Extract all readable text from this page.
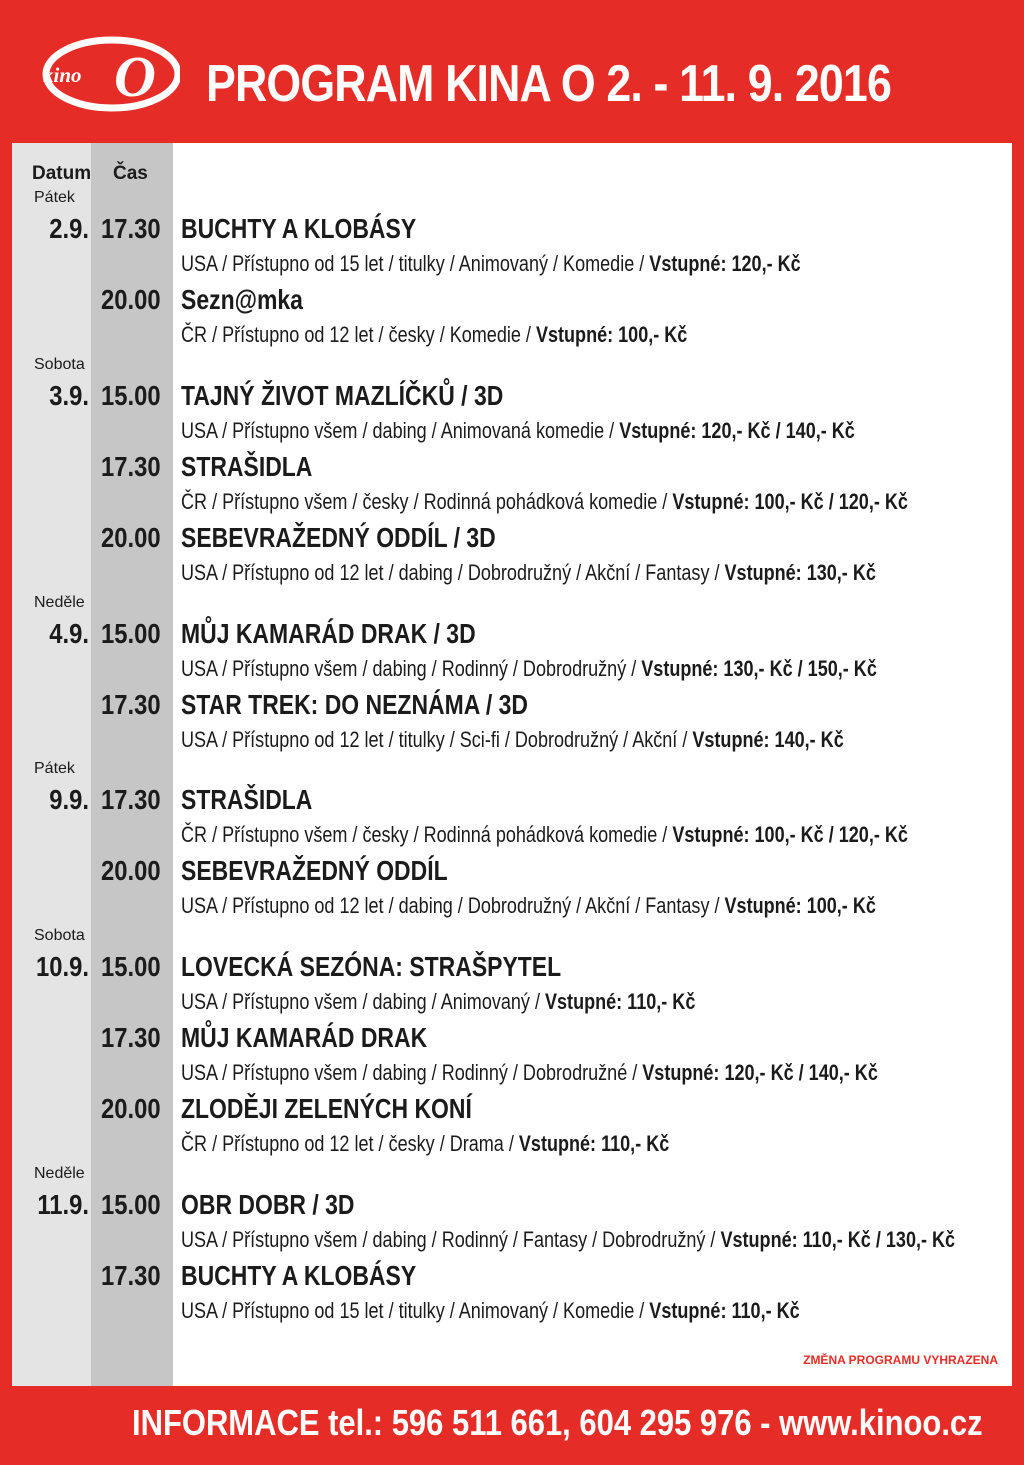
kino O PROGRAM KINA O 2. - 11. 9. 2016
Datum Čas
Pátek
2.9. 17.30 BUCHTY A KLOBÁSY
USA / Přístupno od 15 let / titulky / Animovaný / Komedie / Vstupné: 120,- Kč
20.00 Sezn@mka
ČR / Přístupno od 12 let / česky / Komedie / Vstupné: 100,- Kč
Sobota
3.9. 15.00 TAJNÝ ŽIVOT MAZLÍČKŮ / 3D
USA / Přístupno všem / dabing / Animovaná komedie / Vstupné: 120,- Kč / 140,- Kč
17.30 STRAŠIDLA
ČR / Přístupno všem / česky / Rodinná pohádková komedie / Vstupné: 100,- Kč / 120,- Kč
20.00 SEBEVRAŽEDNÝ ODDÍL / 3D
USA / Přístupno od 12 let / dabing / Dobrodružný / Akční / Fantasy / Vstupné: 130,- Kč
Neděle
4.9. 15.00 MŮJ KAMARÁD DRAK / 3D
USA / Přístupno všem / dabing / Rodinný / Dobrodružný / Vstupné: 130,- Kč / 150,- Kč
17.30 STAR TREK: DO NEZNÁMA / 3D
USA / Přístupno od 12 let / titulky / Sci-fi / Dobrodružný / Akční / Vstupné: 140,- Kč
Pátek
9.9. 17.30 STRAŠIDLA
ČR / Přístupno všem / česky / Rodinná pohádková komedie / Vstupné: 100,- Kč / 120,- Kč
20.00 SEBEVRAŽEDNÝ ODDÍL
USA / Přístupno od 12 let / dabing / Dobrodružný / Akční / Fantasy / Vstupné: 100,- Kč
Sobota
10.9. 15.00 LOVECKÁ SEZÓNA: STRAŠPYTEL
USA / Přístupno všem / dabing / Animovaný / Vstupné: 110,- Kč
17.30 MŮJ KAMARÁD DRAK
USA / Přístupno všem / dabing / Rodinný / Dobrodružné / Vstupné: 120,- Kč / 140,- Kč
20.00 ZLODĚJI ZELENÝCH KONÍ
ČR / Přístupno od 12 let / česky / Drama / Vstupné: 110,- Kč
Neděle
11.9. 15.00 OBR DOBR / 3D
USA / Přístupno všem / dabing / Rodinný / Fantasy / Dobrodružný / Vstupné: 110,- Kč / 130,- Kč
17.30 BUCHTY A KLOBÁSY
USA / Přístupno od 15 let / titulky / Animovaný / Komedie / Vstupné: 110,- Kč
ZMĚNA PROGRAMU VYHRAZENA
INFORMACE tel.: 596 511 661, 604 295 976 - www.kinoo.cz
